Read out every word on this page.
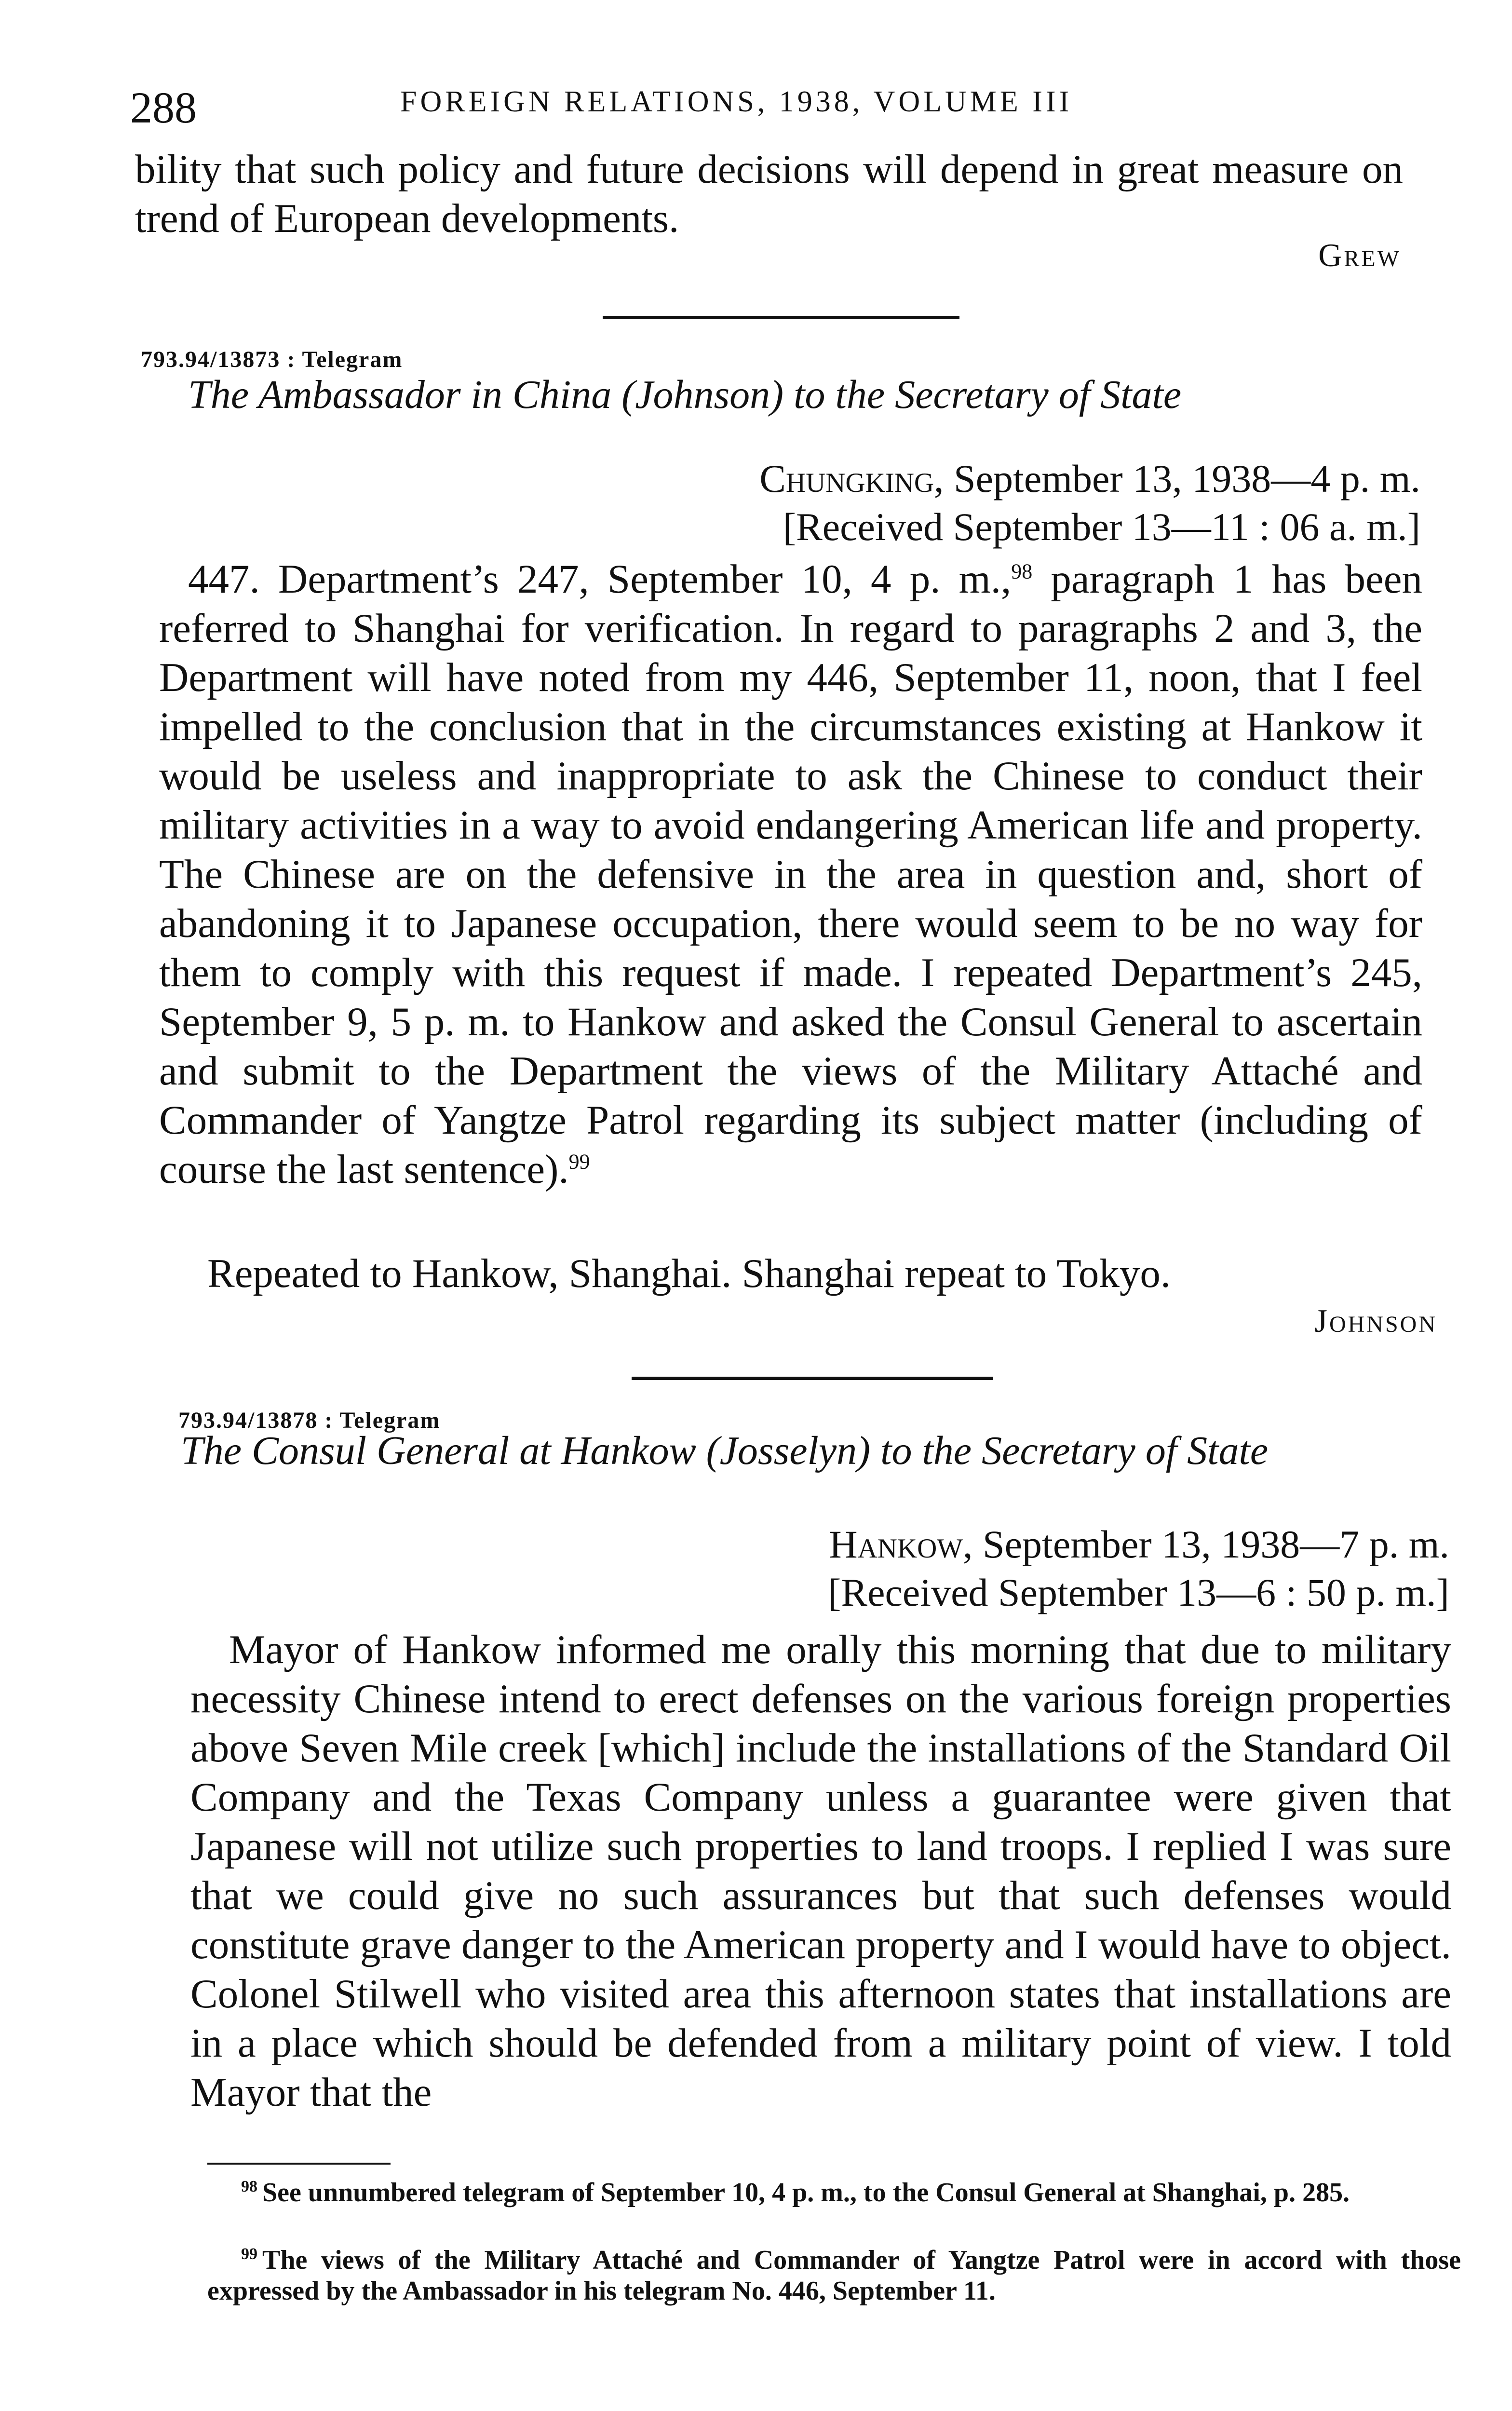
288	FOREIGN RELATIONS, 1938, VOLUME III

bility that such policy and future decisions will depend in great measure on trend of European developments.

Grew
793.94/13873 : Telegram
The Ambassador in China (Johnson) to the Secretary of State
Chungking, September 13, 1938—4 p. m.
[Received September 13—11 : 06 a. m.]

447. Department’s 247, September 10, 4 p. m.,$^{98}$ paragraph 1 has been referred to Shanghai for verification. In regard to paragraphs 2 and 3, the Department will have noted from my 446, September 11, noon, that I feel impelled to the conclusion that in the circumstances existing at Hankow it would be useless and inappropriate to ask the Chinese to conduct their military activities in a way to avoid endangering American life and property. The Chinese are on the defensive in the area in question and, short of abandoning it to Japanese occupation, there would seem to be no way for them to comply with this request if made. I repeated Department’s 245, September 9, 5 p. m. to Hankow and asked the Consul General to ascertain and submit to the Department the views of the Military Attaché and Commander of Yangtze Patrol regarding its subject matter (including of course the last sentence).$^{99}$

Repeated to Hankow, Shanghai. Shanghai repeat to Tokyo.

Johnson
793.94/13878 : Telegram
The Consul General at Hankow (Josselyn) to the Secretary of State
Hankow, September 13, 1938—7 p. m.
[Received September 13—6 : 50 p. m.]

Mayor of Hankow informed me orally this morning that due to military necessity Chinese intend to erect defenses on the various foreign properties above Seven Mile creek [which] include the installations of the Standard Oil Company and the Texas Company unless a guarantee were given that Japanese will not utilize such properties to land troops. I replied I was sure that we could give no such assurances but that such defenses would constitute grave danger to the American property and I would have to object. Colonel Stilwell who visited area this afternoon states that installations are in a place which should be defended from a military point of view. I told Mayor that the

$^{98}$ See unnumbered telegram of September 10, 4 p. m., to the Consul General at Shanghai, p. 285.

$^{99}$ The views of the Military Attaché and Commander of Yangtze Patrol were in accord with those expressed by the Ambassador in his telegram No. 446, September 11.
